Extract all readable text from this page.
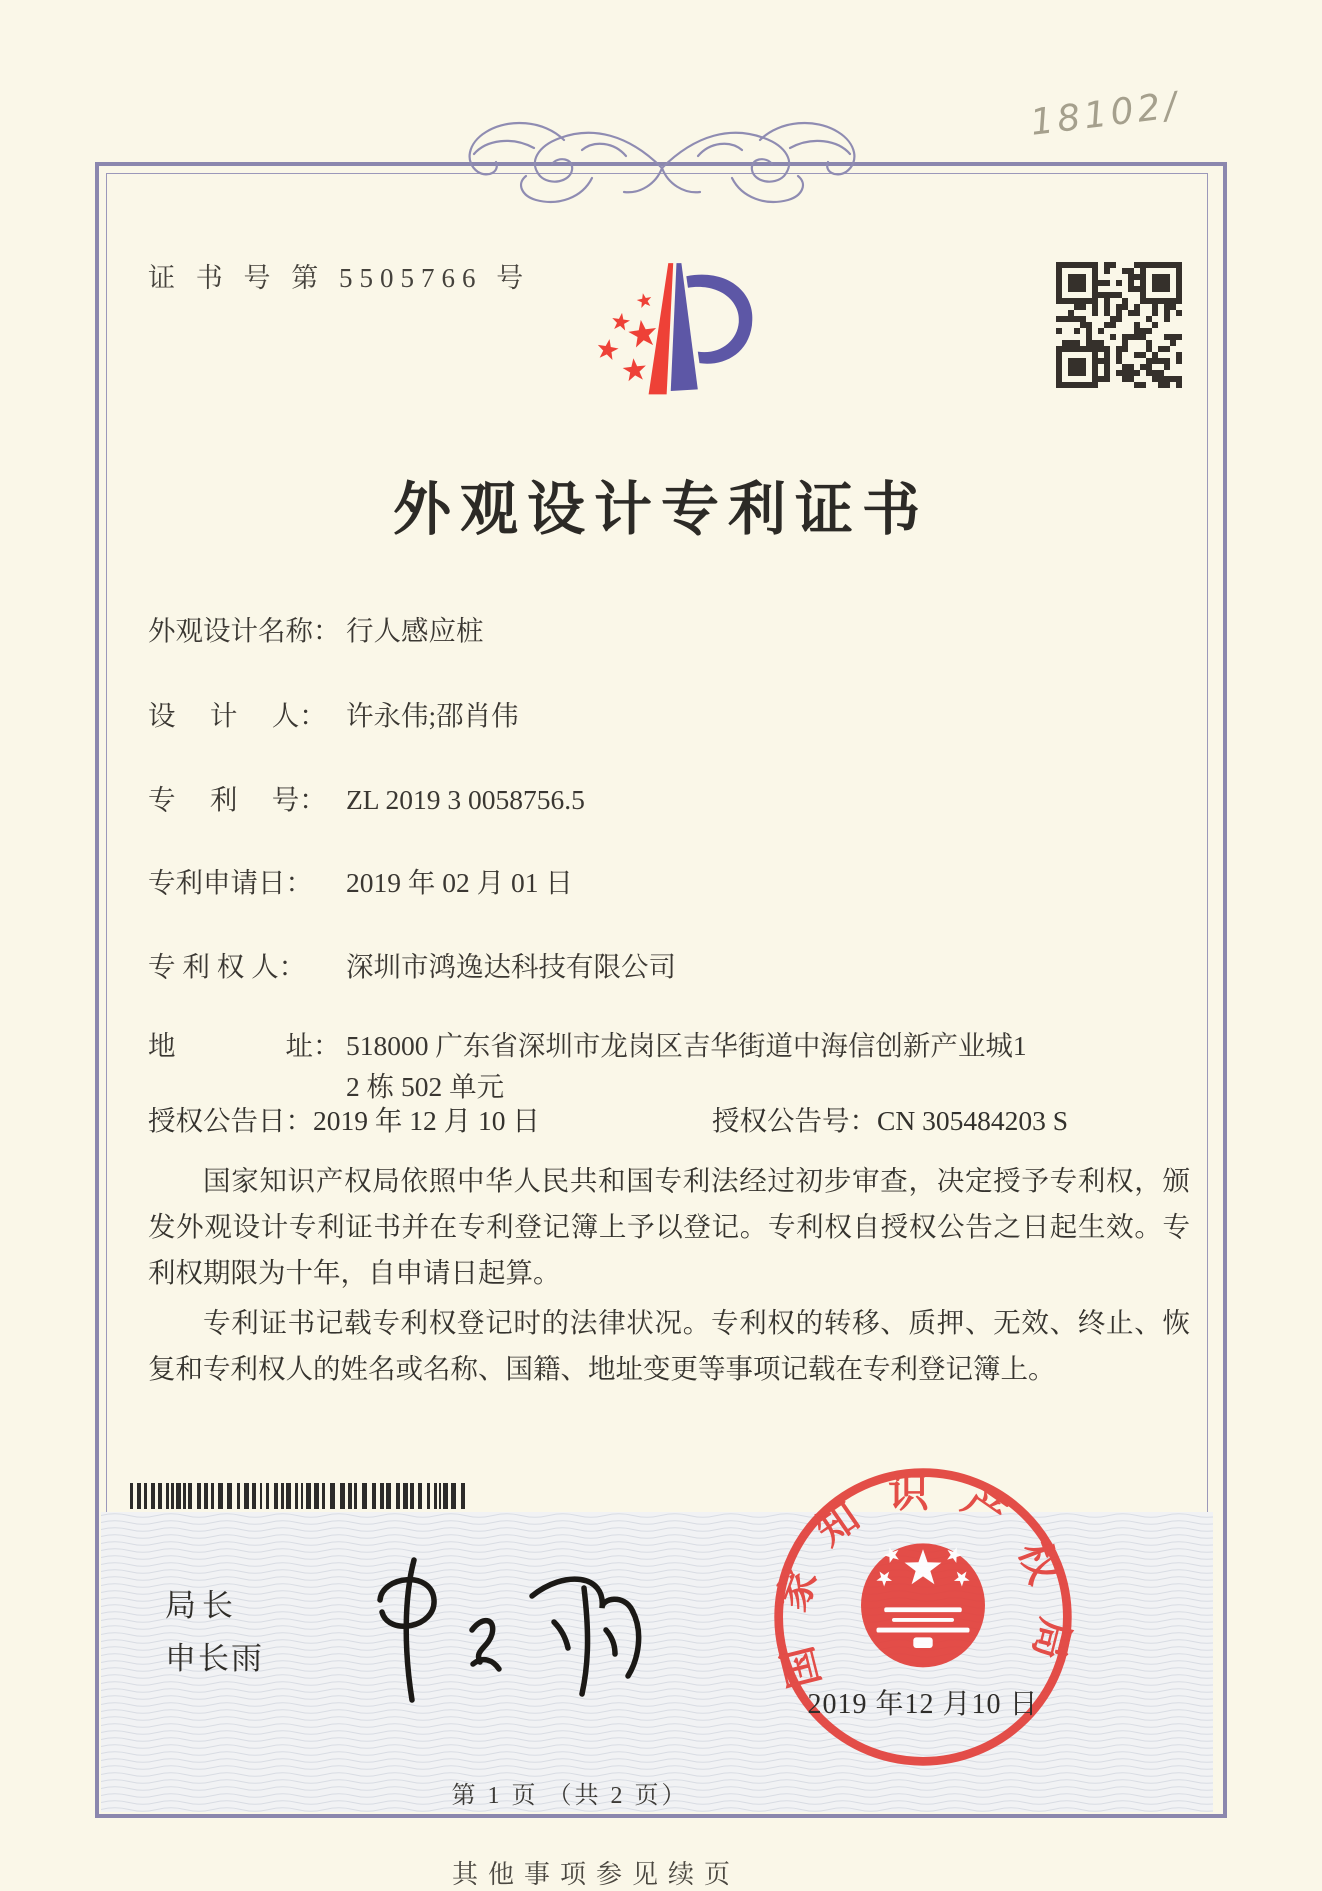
18102/
证 书 号 第 5505766 号
外观设计专利证书
外观设计名称： 行人感应桩
设　 计　 人： 许永伟;邵肖伟
专　 利　 号： ZL 2019 3 0058756.5
专利申请日： 2019 年 02 月 01 日
专 利 权 人： 深圳市鸿逸达科技有限公司
地　　　　址： 518000 广东省深圳市龙岗区吉华街道中海信创新产业城1
2 栋 502 单元
授权公告日：2019 年 12 月 10 日	授权公告号：CN 305484203 S

国家知识产权局依照中华人民共和国专利法经过初步审查，决定授予专利权，颁发外观设计专利证书并在专利登记簿上予以登记。专利权自授权公告之日起生效。专利权期限为十年，自申请日起算。

专利证书记载专利权登记时的法律状况。专利权的转移、质押、无效、终止、恢复和专利权人的姓名或名称、国籍、地址变更等事项记载在专利登记簿上。

局长
申长雨	国家知识产权局
2019 年12 月10 日
第 1 页 （共 2 页）
其他事项参见续页
